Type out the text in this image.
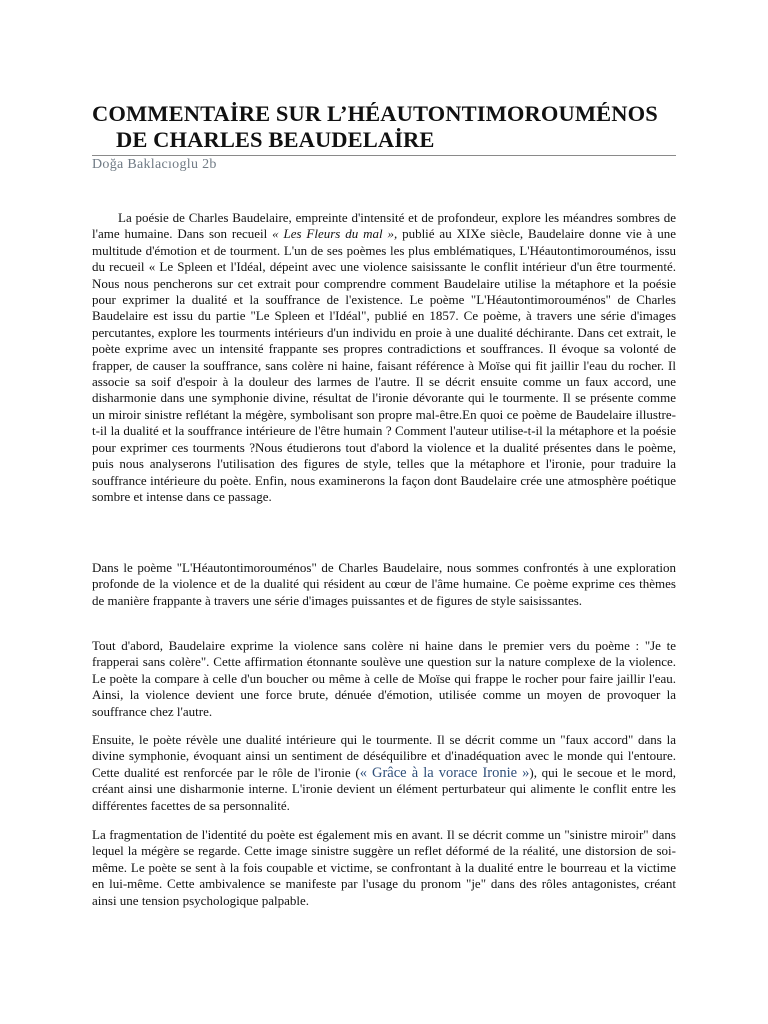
COMMENTAİRE SUR L’HÉAUTONTIMOROUMÉNOS
DE CHARLES BEAUDELAİRE
Doğa Baklacıoglu 2b

La poésie de Charles Baudelaire, empreinte d'intensité et de profondeur, explore les méandres sombres de l'ame humaine. Dans son recueil « Les Fleurs du mal », publié au XIXe siècle, Baudelaire donne vie à une multitude d'émotion et de tourment. L'un de ses poèmes les plus emblématiques, L'Héautontimorouménos, issu du recueil « Le Spleen et l'Idéal, dépeint avec une violence saisissante le conflit intérieur d'un être tourmenté. Nous nous pencherons sur cet extrait pour comprendre comment Baudelaire utilise la métaphore et la poésie pour exprimer la dualité et la souffrance de l'existence. Le poème "L'Héautontimorouménos" de Charles Baudelaire est issu du partie "Le Spleen et l'Idéal", publié en 1857. Ce poème, à travers une série d'images percutantes, explore les tourments intérieurs d'un individu en proie à une dualité déchirante. Dans cet extrait, le poète exprime avec un intensité frappante ses propres contradictions et souffrances. Il évoque sa volonté de frapper, de causer la souffrance, sans colère ni haine, faisant référence à Moïse qui fit jaillir l'eau du rocher. Il associe sa soif d'espoir à la douleur des larmes de l'autre. Il se décrit ensuite comme un faux accord, une disharmonie dans une symphonie divine, résultat de l'ironie dévorante qui le tourmente. Il se présente comme un miroir sinistre reflétant la mégère, symbolisant son propre mal-être.En quoi ce poème de Baudelaire illustre-t-il la dualité et la souffrance intérieure de l'être humain ? Comment l'auteur utilise-t-il la métaphore et la poésie pour exprimer ces tourments ?Nous étudierons tout d'abord la violence et la dualité présentes dans le poème, puis nous analyserons l'utilisation des figures de style, telles que la métaphore et l'ironie, pour traduire la souffrance intérieure du poète. Enfin, nous examinerons la façon dont Baudelaire crée une atmosphère poétique sombre et intense dans ce passage.

Dans le poème "L'Héautontimorouménos" de Charles Baudelaire, nous sommes confrontés à une exploration profonde de la violence et de la dualité qui résident au cœur de l'âme humaine. Ce poème exprime ces thèmes de manière frappante à travers une série d'images puissantes et de figures de style saisissantes.

Tout d'abord, Baudelaire exprime la violence sans colère ni haine dans le premier vers du poème : "Je te frapperai sans colère". Cette affirmation étonnante soulève une question sur la nature complexe de la violence. Le poète la compare à celle d'un boucher ou même à celle de Moïse qui frappe le rocher pour faire jaillir l'eau. Ainsi, la violence devient une force brute, dénuée d'émotion, utilisée comme un moyen de provoquer la souffrance chez l'autre.

Ensuite, le poète révèle une dualité intérieure qui le tourmente. Il se décrit comme un "faux accord" dans la divine symphonie, évoquant ainsi un sentiment de déséquilibre et d'inadéquation avec le monde qui l'entoure. Cette dualité est renforcée par le rôle de l'ironie (« Grâce à la vorace Ironie »), qui le secoue et le mord, créant ainsi une disharmonie interne. L'ironie devient un élément perturbateur qui alimente le conflit entre les différentes facettes de sa personnalité.

La fragmentation de l'identité du poète est également mis en avant. Il se décrit comme un "sinistre miroir" dans lequel la mégère se regarde. Cette image sinistre suggère un reflet déformé de la réalité, une distorsion de soi-même. Le poète se sent à la fois coupable et victime, se confrontant à la dualité entre le bourreau et la victime en lui-même. Cette ambivalence se manifeste par l'usage du pronom "je" dans des rôles antagonistes, créant ainsi une tension psychologique palpable.
